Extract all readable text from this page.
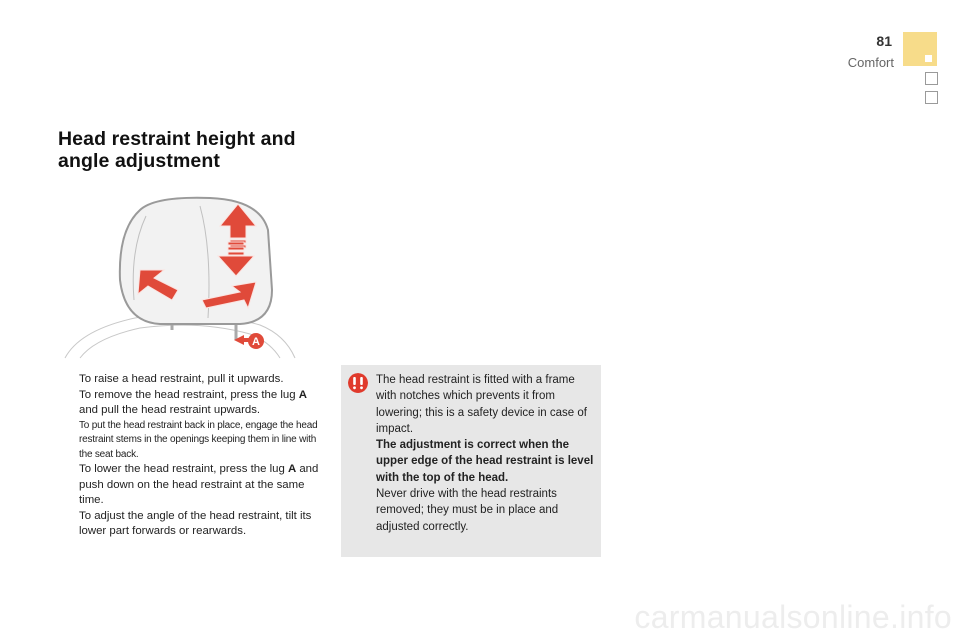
81
Comfort
Head restraint height and
angle adjustment
A
To raise a head restraint, pull it upwards.
To remove the head restraint, press the lug A and pull the head restraint upwards.
To put the head restraint back in place, engage the head restraint stems in the openings keeping them in line with the seat back.
To lower the head restraint, press the lug A and push down on the head restraint at the same time.
To adjust the angle of the head restraint, tilt its lower part forwards or rearwards.
The head restraint is fitted with a frame with notches which prevents it from lowering; this is a safety device in case of impact.
The adjustment is correct when the upper edge of the head restraint is level with the top of the head.
Never drive with the head restraints removed; they must be in place and adjusted correctly.
carmanualsonline.info
